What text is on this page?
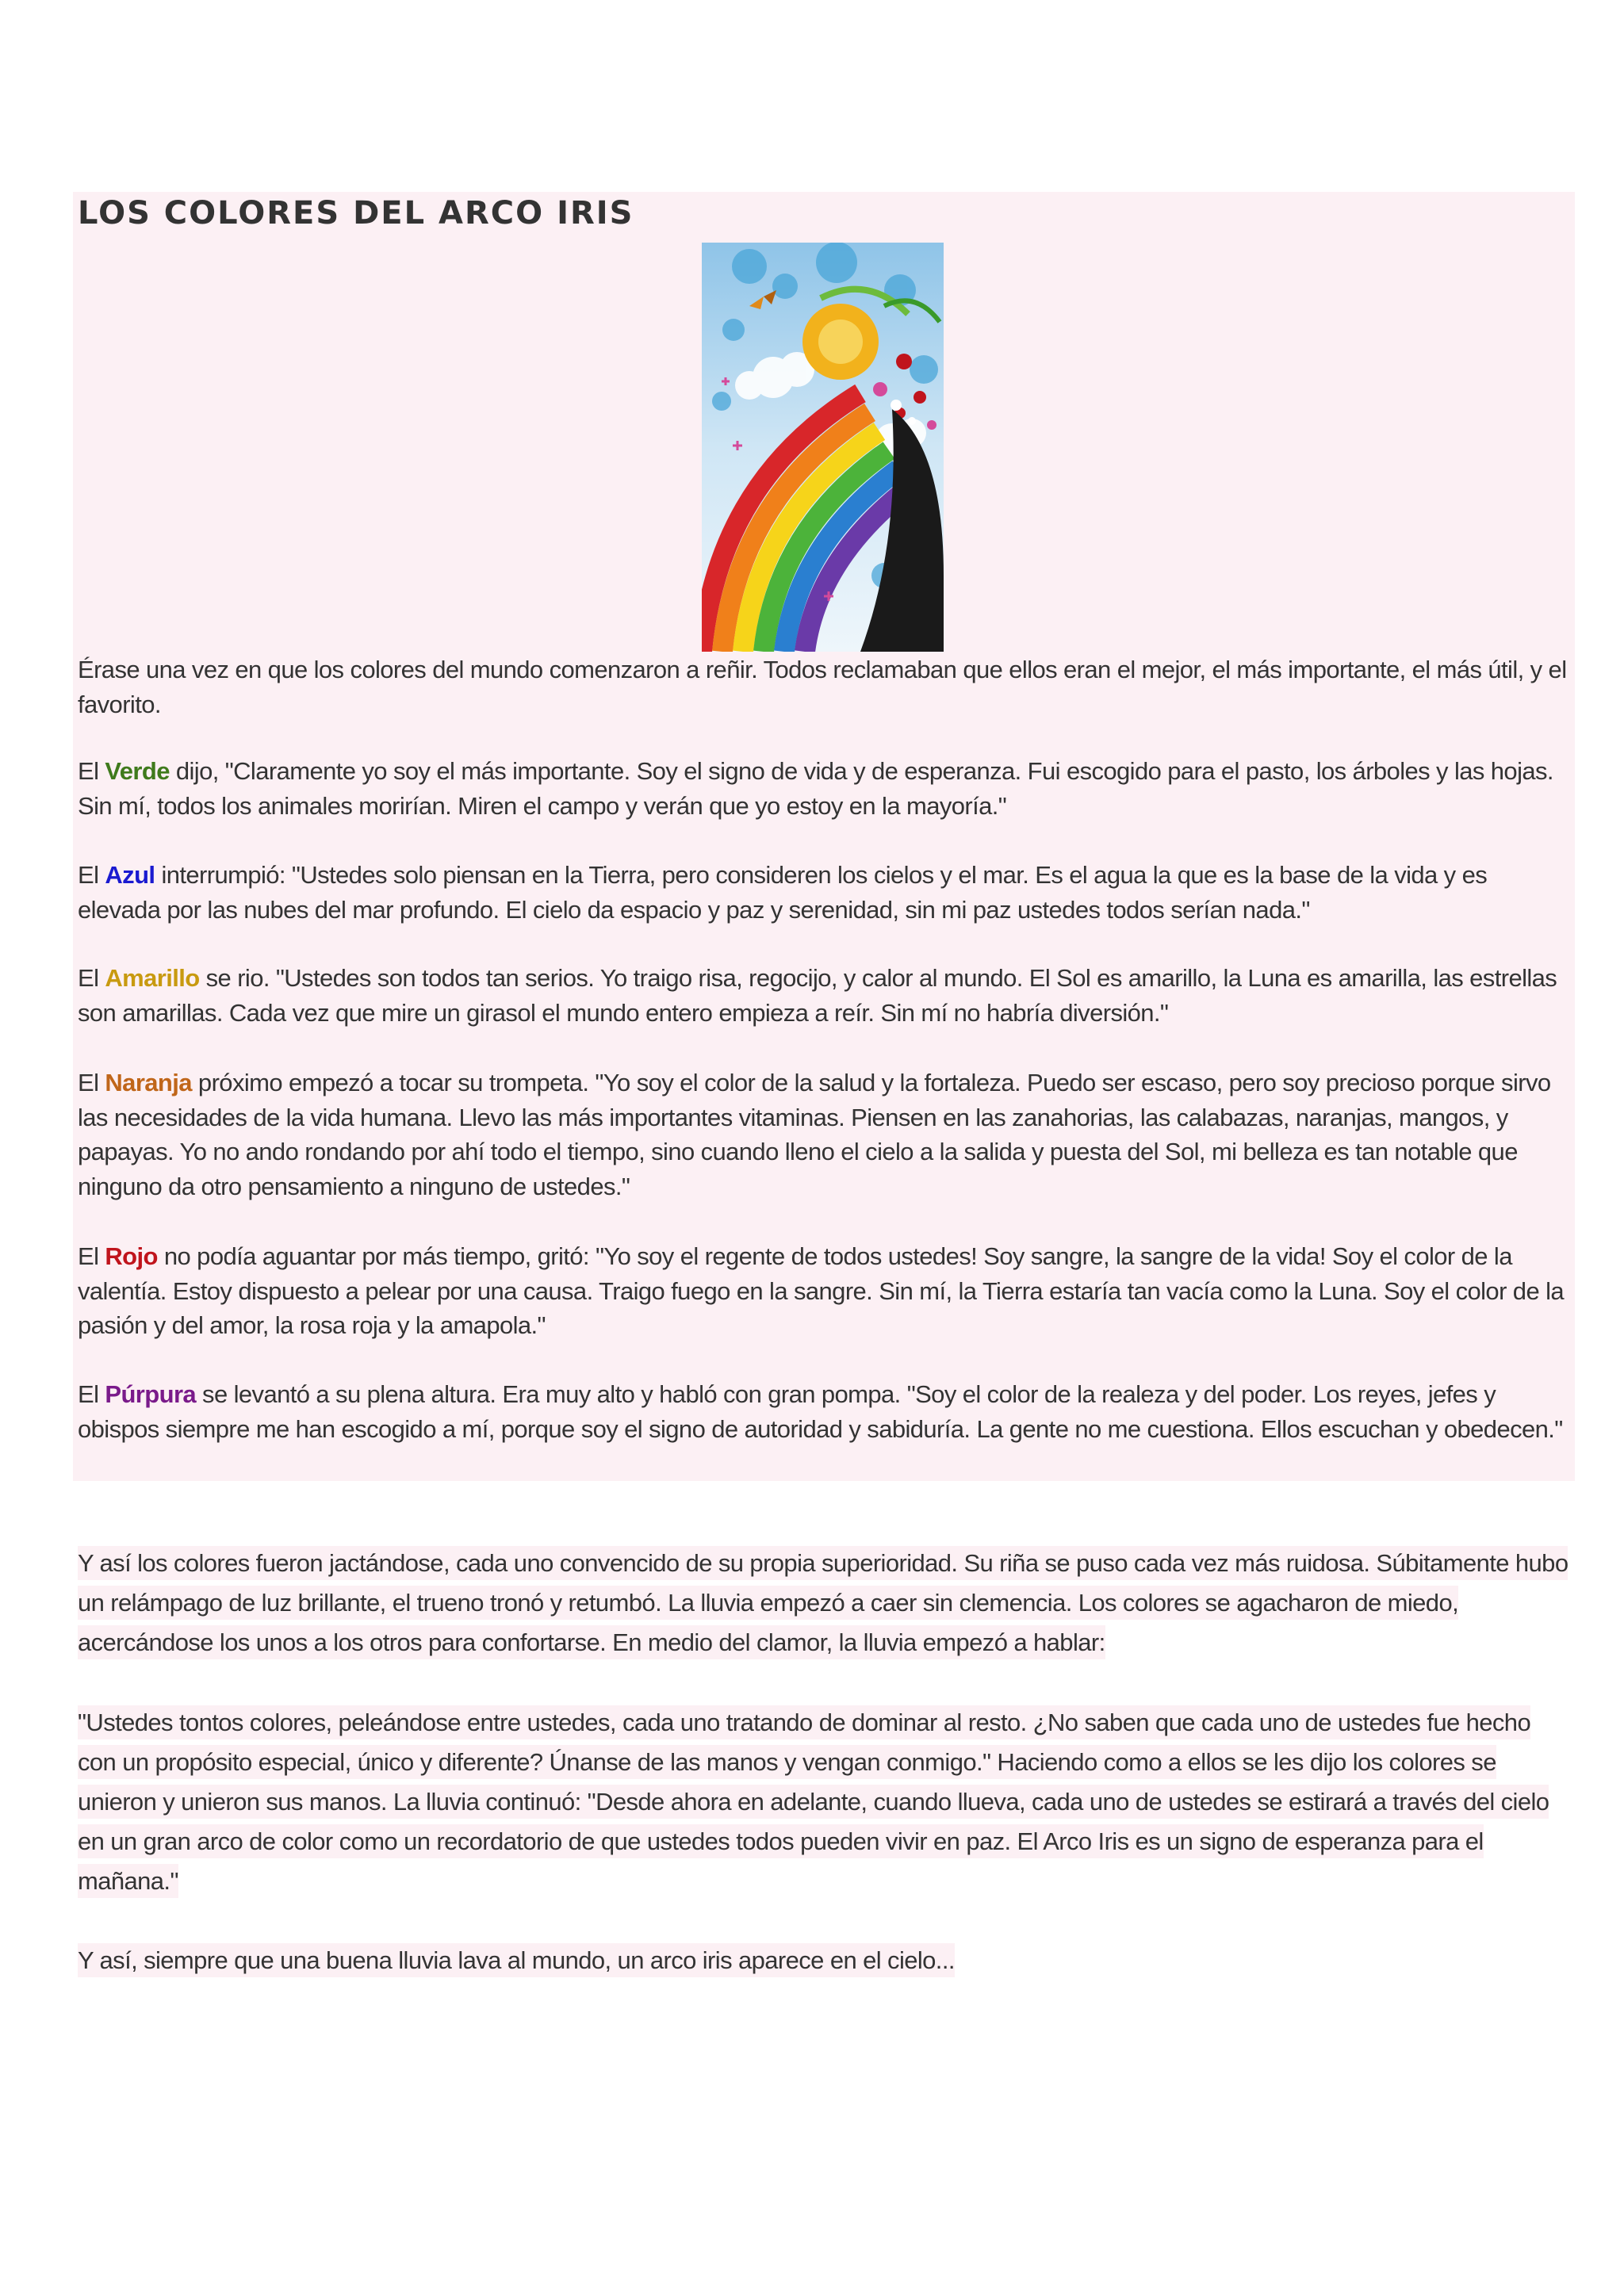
LOS COLORES DEL ARCO IRIS

Érase una vez en que los colores del mundo comenzaron a reñir. Todos reclamaban que ellos eran el mejor, el más importante, el más útil, y el favorito.

El Verde dijo, "Claramente yo soy el más importante. Soy el signo de vida y de esperanza. Fui escogido para el pasto, los árboles y las hojas. Sin mí, todos los animales morirían. Miren el campo y verán que yo estoy en la mayoría."

El Azul interrumpió: "Ustedes solo piensan en la Tierra, pero consideren los cielos y el mar. Es el agua la que es la base de la vida y es elevada por las nubes del mar profundo. El cielo da espacio y paz y serenidad, sin mi paz ustedes todos serían nada."

El Amarillo se rio. "Ustedes son todos tan serios. Yo traigo risa, regocijo, y calor al mundo. El Sol es amarillo, la Luna es amarilla, las estrellas son amarillas. Cada vez que mire un girasol el mundo entero empieza a reír. Sin mí no habría diversión."

El Naranja próximo empezó a tocar su trompeta. "Yo soy el color de la salud y la fortaleza. Puedo ser escaso, pero soy precioso porque sirvo las necesidades de la vida humana. Llevo las más importantes vitaminas. Piensen en las zanahorias, las calabazas, naranjas, mangos, y papayas. Yo no ando rondando por ahí todo el tiempo, sino cuando lleno el cielo a la salida y puesta del Sol, mi belleza es tan notable que ninguno da otro pensamiento a ninguno de ustedes."

El Rojo no podía aguantar por más tiempo, gritó: "Yo soy el regente de todos ustedes! Soy sangre, la sangre de la vida! Soy el color de la valentía. Estoy dispuesto a pelear por una causa. Traigo fuego en la sangre. Sin mí, la Tierra estaría tan vacía como la Luna. Soy el color de la pasión y del amor, la rosa roja y la amapola."

El Púrpura se levantó a su plena altura. Era muy alto y habló con gran pompa. "Soy el color de la realeza y del poder. Los reyes, jefes y obispos siempre me han escogido a mí, porque soy el signo de autoridad y sabiduría. La gente no me cuestiona. Ellos escuchan y obedecen."

Y así los colores fueron jactándose, cada uno convencido de su propia superioridad. Su riña se puso cada vez más ruidosa. Súbitamente hubo un relámpago de luz brillante, el trueno tronó y retumbó. La lluvia empezó a caer sin clemencia. Los colores se agacharon de miedo, acercándose los unos a los otros para confortarse. En medio del clamor, la lluvia empezó a hablar:

"Ustedes tontos colores, peleándose entre ustedes, cada uno tratando de dominar al resto. ¿No saben que cada uno de ustedes fue hecho con un propósito especial, único y diferente? Únanse de las manos y vengan conmigo." Haciendo como a ellos se les dijo los colores se unieron y unieron sus manos. La lluvia continuó: "Desde ahora en adelante, cuando llueva, cada uno de ustedes se estirará a través del cielo en un gran arco de color como un recordatorio de que ustedes todos pueden vivir en paz. El Arco Iris es un signo de esperanza para el mañana."

Y así, siempre que una buena lluvia lava al mundo, un arco iris aparece en el cielo...
